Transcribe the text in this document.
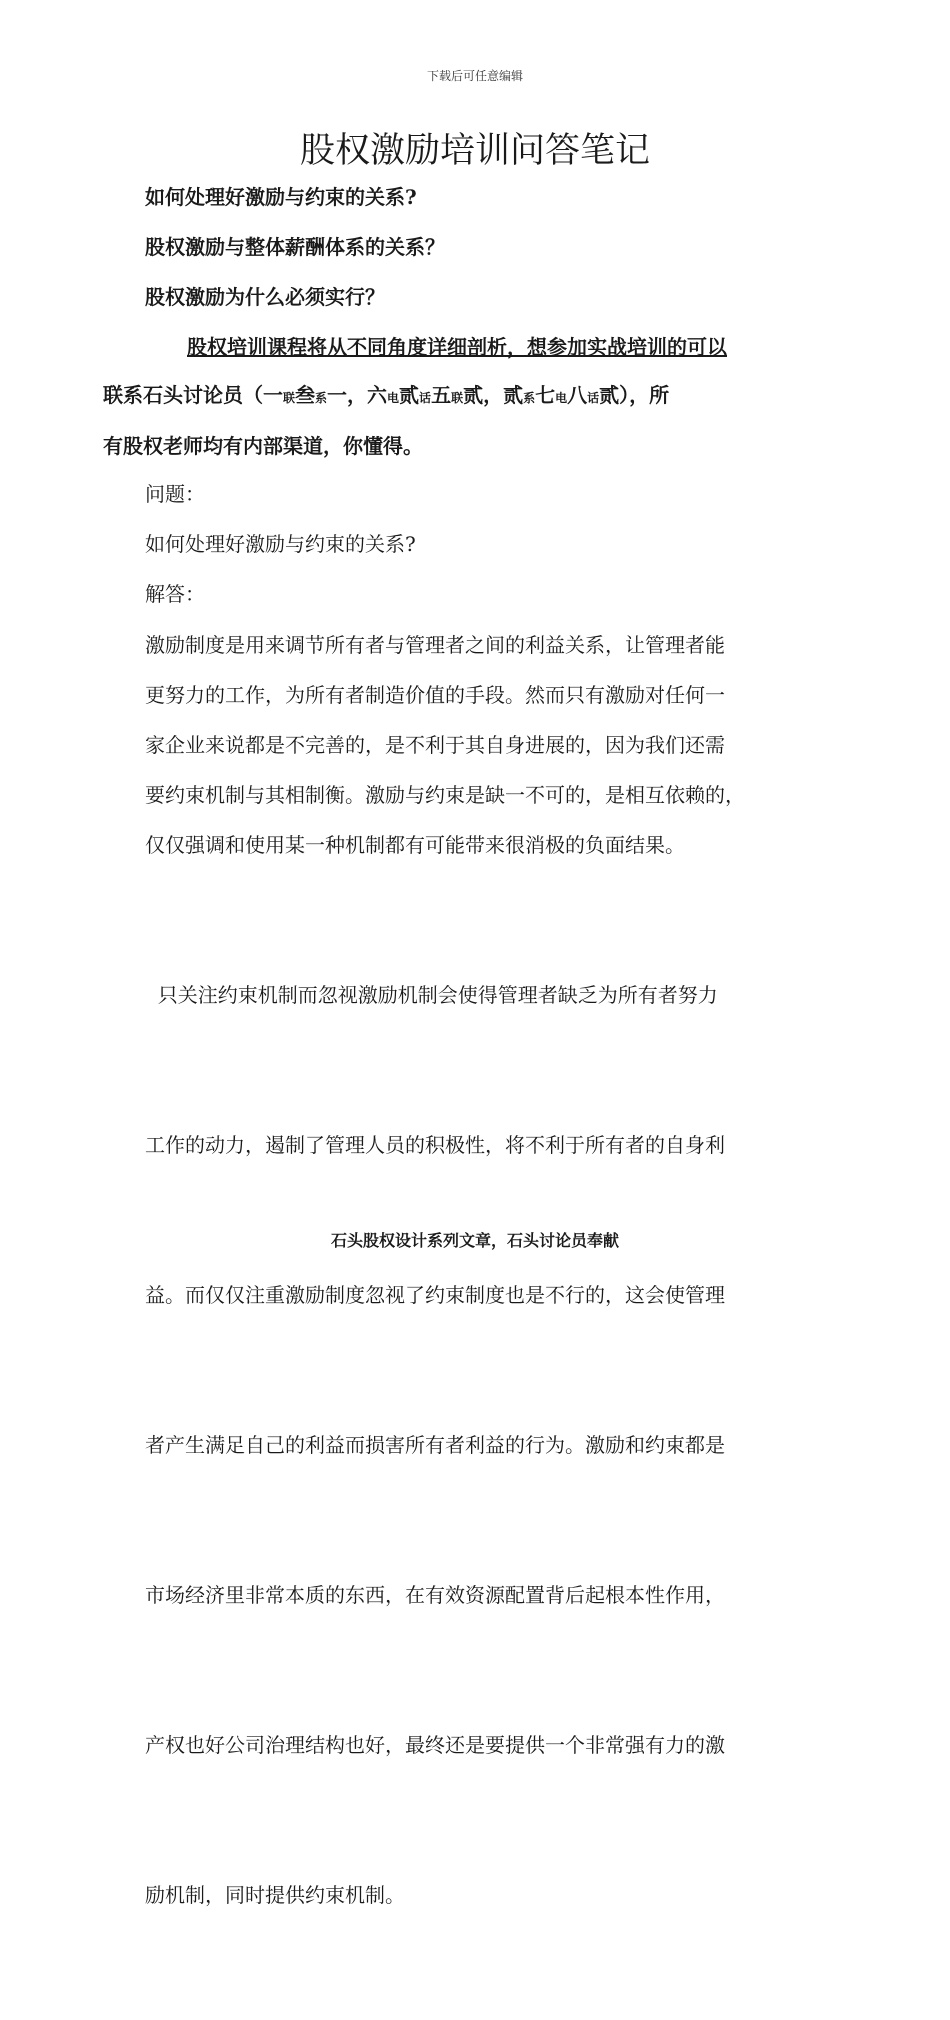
下载后可任意编辑
股权激励培训问答笔记

如何处理好激励与约束的关系?

股权激励与整体薪酬体系的关系？

股权激励为什么必须实行？

股权培训课程将从不同角度详细剖析，想参加实战培训的可以
联系石头讨论员（一联叁系一，六电贰话五联贰，贰系七电八话贰），所
有股权老师均有内部渠道，你懂得。

问题：

如何处理好激励与约束的关系?

解答：

激励制度是用来调节所有者与管理者之间的利益关系，让管理者能
更努力的工作，为所有者制造价值的手段。然而只有激励对任何一
家企业来说都是不完善的，是不利于其自身进展的，因为我们还需
要约束机制与其相制衡。激励与约束是缺一不可的，是相互依赖的，
仅仅强调和使用某一种机制都有可能带来很消极的负面结果。

只关注约束机制而忽视激励机制会使得管理者缺乏为所有者努力

工作的动力，遏制了管理人员的积极性，将不利于所有者的自身利

益。而仅仅注重激励制度忽视了约束制度也是不行的，这会使管理

者产生满足自己的利益而损害所有者利益的行为。激励和约束都是

市场经济里非常本质的东西，在有效资源配置背后起根本性作用，

产权也好公司治理结构也好，最终还是要提供一个非常强有力的激

励机制，同时提供约束机制。

石头股权设计系列文章，石头讨论员奉献
